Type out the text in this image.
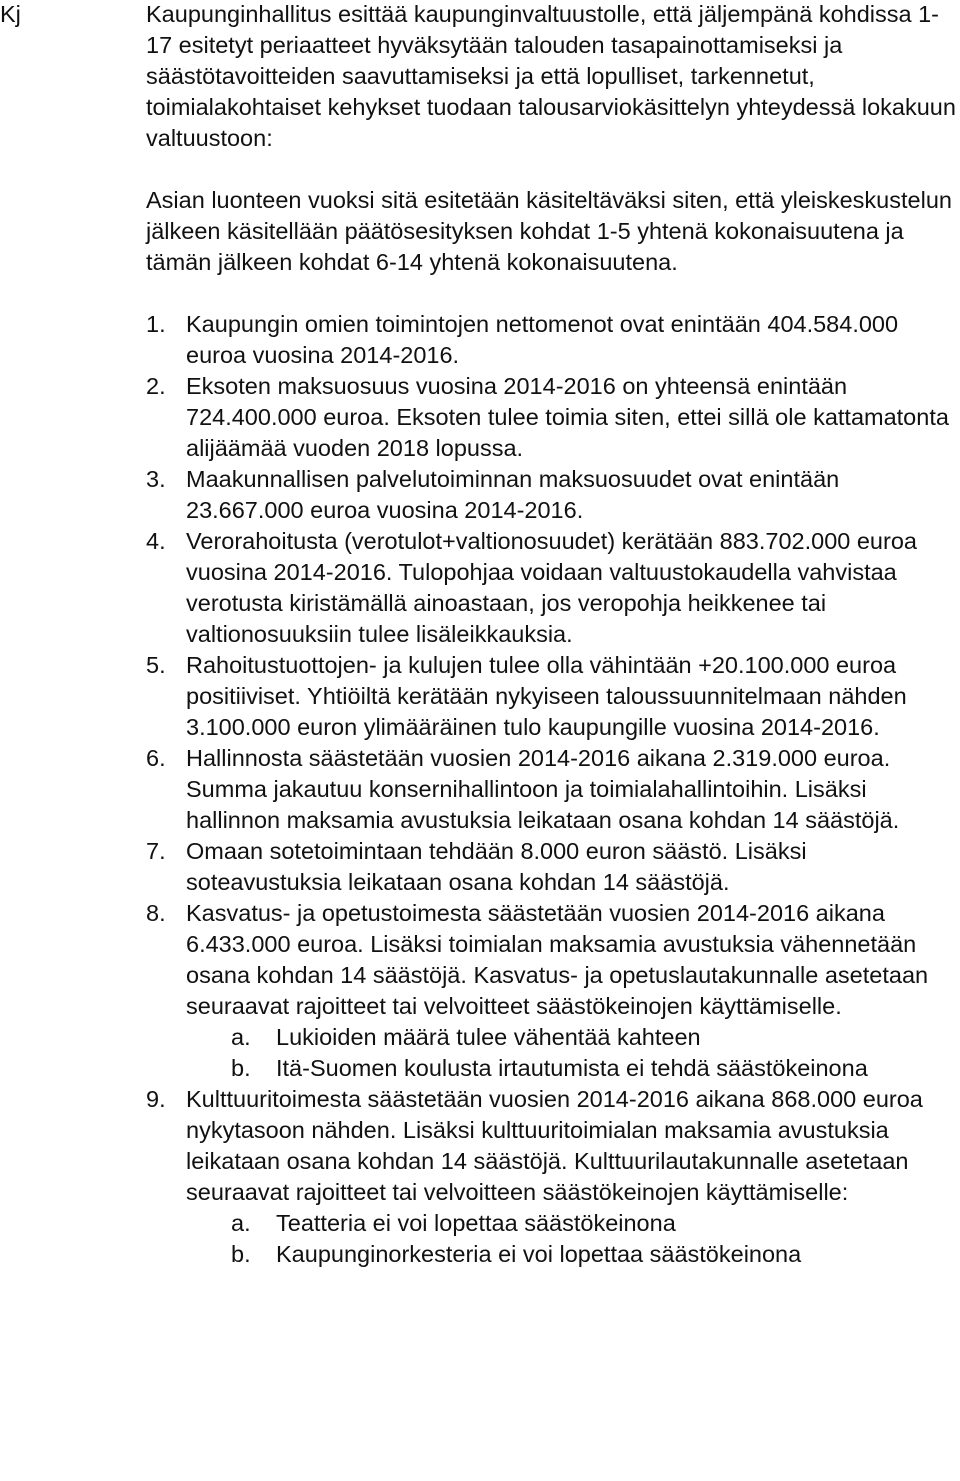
Kj	Kaupunginhallitus esittää kaupunginvaltuustolle, että jäljempänä kohdissa 1-17 esitetyt periaatteet hyväksytään talouden tasapainottamiseksi ja säästötavoitteiden saavuttamiseksi ja että lopulliset, tarkennetut, toimialakohtaiset kehykset tuodaan talousarviokäsittelyn yhteydessä lokakuun valtuustoon:

Asian luonteen vuoksi sitä esitetään käsiteltäväksi siten, että yleiskeskustelun jälkeen käsitellään päätösesityksen kohdat 1-5 yhtenä kokonaisuutena ja tämän jälkeen kohdat 6-14 yhtenä kokonaisuutena.

1. Kaupungin omien toimintojen nettomenot ovat enintään 404.584.000 euroa vuosina 2014-2016.
2. Eksoten maksuosuus vuosina 2014-2016 on yhteensä enintään 724.400.000 euroa. Eksoten tulee toimia siten, ettei sillä ole kattamatonta alijäämää vuoden 2018 lopussa.
3. Maakunnallisen palvelutoiminnan maksuosuudet ovat enintään 23.667.000 euroa vuosina 2014-2016.
4. Verorahoitusta (verotulot+valtionosuudet) kerätään 883.702.000 euroa vuosina 2014-2016. Tulopohjaa voidaan valtuustokaudella vahvistaa verotusta kiristämällä ainoastaan, jos veropohja heikkenee tai valtionosuuksiin tulee lisäleikkauksia.
5. Rahoitustuottojen- ja kulujen tulee olla vähintään +20.100.000 euroa positiiviset. Yhtiöiltä kerätään nykyiseen taloussuunnitelmaan nähden 3.100.000 euron ylimääräinen tulo kaupungille vuosina 2014-2016.
6. Hallinnosta säästetään vuosien 2014-2016 aikana 2.319.000 euroa. Summa jakautuu konsernihallintoon ja toimialahallintoihin. Lisäksi hallinnon maksamia avustuksia leikataan osana kohdan 14 säästöjä.
7. Omaan sotetoimintaan tehdään 8.000 euron säästö. Lisäksi soteavustuksia leikataan osana kohdan 14 säästöjä.
8. Kasvatus- ja opetustoimesta säästetään vuosien 2014-2016 aikana 6.433.000 euroa. Lisäksi toimialan maksamia avustuksia vähennetään osana kohdan 14 säästöjä. Kasvatus- ja opetuslautakunnalle asetetaan seuraavat rajoitteet tai velvoitteet säästökeinojen käyttämiselle.
a. Lukioiden määrä tulee vähentää kahteen
b. Itä-Suomen koulusta irtautumista ei tehdä säästökeinona
9. Kulttuuritoimesta säästetään vuosien 2014-2016 aikana 868.000 euroa nykytasoon nähden. Lisäksi kulttuuritoimialan maksamia avustuksia leikataan osana kohdan 14 säästöjä. Kulttuurilautakunnalle asetetaan seuraavat rajoitteet tai velvoitteen säästökeinojen käyttämiselle:
a. Teatteria ei voi lopettaa säästökeinona
b. Kaupunginorkesteria ei voi lopettaa säästökeinona
